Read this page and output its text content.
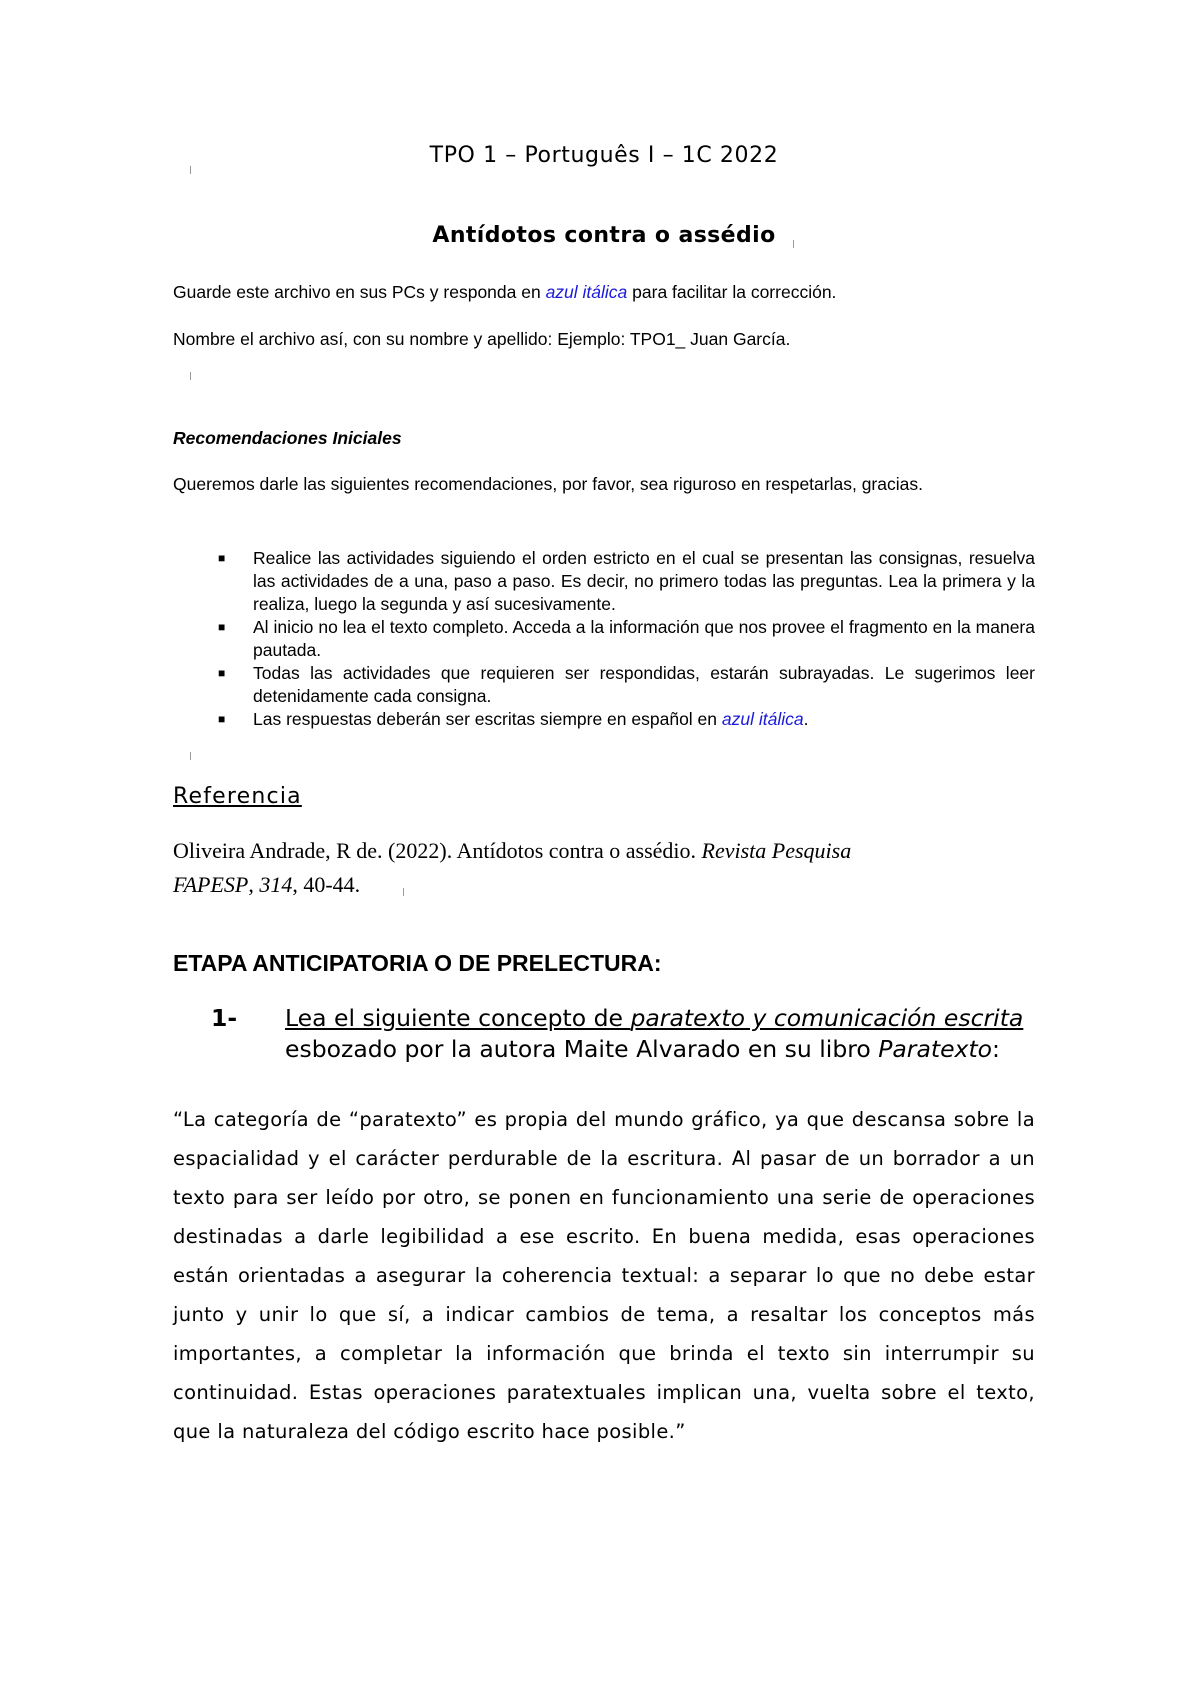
TPO 1 – Português I – 1C 2022
Antídotos contra o assédio
Guarde este archivo en sus PCs y responda en azul itálica para facilitar la corrección.
Nombre el archivo así, con su nombre y apellido: Ejemplo: TPO1_ Juan García.
Recomendaciones Iniciales
Queremos darle las siguientes recomendaciones, por favor, sea riguroso en respetarlas, gracias.
■ Realice las actividades siguiendo el orden estricto en el cual se presentan las consignas, resuelva las actividades de a una, paso a paso. Es decir, no primero todas las preguntas. Lea la primera y la realiza, luego la segunda y así sucesivamente.
■ Al inicio no lea el texto completo. Acceda a la información que nos provee el fragmento en la manera pautada.
■ Todas las actividades que requieren ser respondidas, estarán subrayadas. Le sugerimos leer detenidamente cada consigna.
■ Las respuestas deberán ser escritas siempre en español en azul itálica.
Referencia
Oliveira Andrade, R de. (2022). Antídotos contra o assédio. Revista Pesquisa FAPESP, 314, 40-44.
ETAPA ANTICIPATORIA O DE PRELECTURA:
1- Lea el siguiente concepto de paratexto y comunicación escrita
esbozado por la autora Maite Alvarado en su libro Paratexto:
“La categoría de “paratexto” es propia del mundo gráfico, ya que descansa sobre la espacialidad y el carácter perdurable de la escritura. Al pasar de un borrador a un texto para ser leído por otro, se ponen en funcionamiento una serie de operaciones destinadas a darle legibilidad a ese escrito. En buena medida, esas operaciones están orientadas a asegurar la coherencia textual: a separar lo que no debe estar junto y unir lo que sí, a indicar cambios de tema, a resaltar los conceptos más importantes, a completar la información que brinda el texto sin interrumpir su continuidad. Estas operaciones paratextuales implican una, vuelta sobre el texto, que la naturaleza del código escrito hace posible.”
